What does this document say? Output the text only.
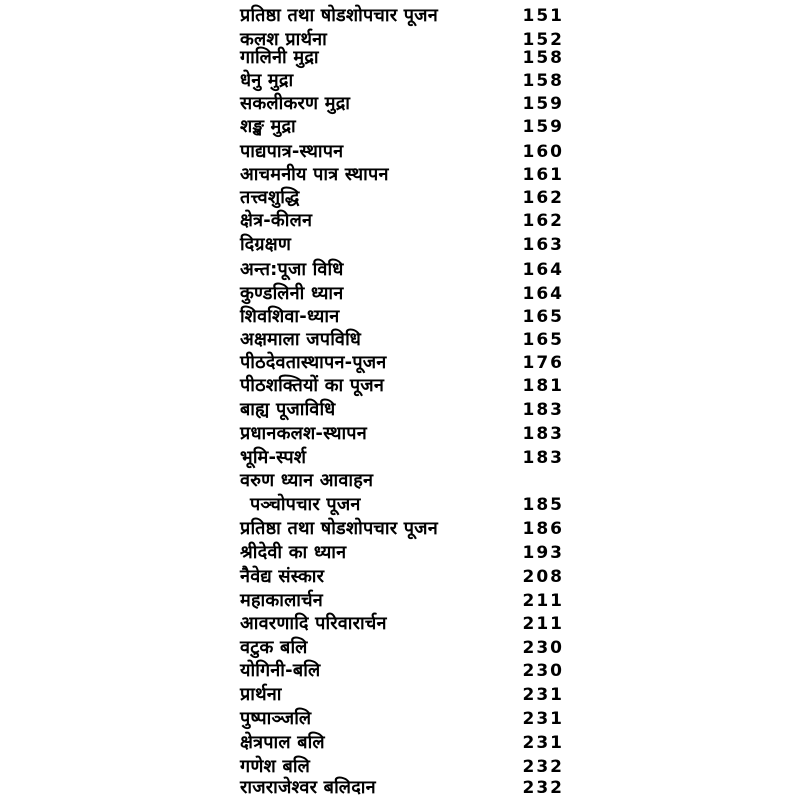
प्रतिष्ठा तथा षोडशोपचार पूजन	151
कलश प्रार्थना	152
गालिनी मुद्रा	158
धेनु मुद्रा	158
सकलीकरण मुद्रा	159
शङ्ख मुद्रा	159
पाद्यपात्र-स्थापन	160
आचमनीय पात्र स्थापन	161
तत्त्वशुद्धि	162
क्षेत्र-कीलन	162
दिग्रक्षण	163
अन्त:पूजा विधि	164
कुण्डलिनी ध्यान	164
शिवशिवा-ध्यान	165
अक्षमाला जपविधि	165
पीठदेवतास्थापन-पूजन	176
पीठशक्तियों का पूजन	181
बाह्य पूजाविधि	183
प्रधानकलश-स्थापन	183
भूमि-स्पर्श	183
वरुण ध्यान आवाहन
पञ्चोपचार पूजन	185
प्रतिष्ठा तथा षोडशोपचार पूजन	186
श्रीदेवी का ध्यान	193
नैवेद्य संस्कार	208
महाकालार्चन	211
आवरणादि परिवारार्चन	211
वटुक बलि	230
योगिनी-बलि	230
प्रार्थना	231
पुष्पाञ्जलि	231
क्षेत्रपाल बलि	231
गणेश बलि	232
राजराजेश्वर बलिदान	232
